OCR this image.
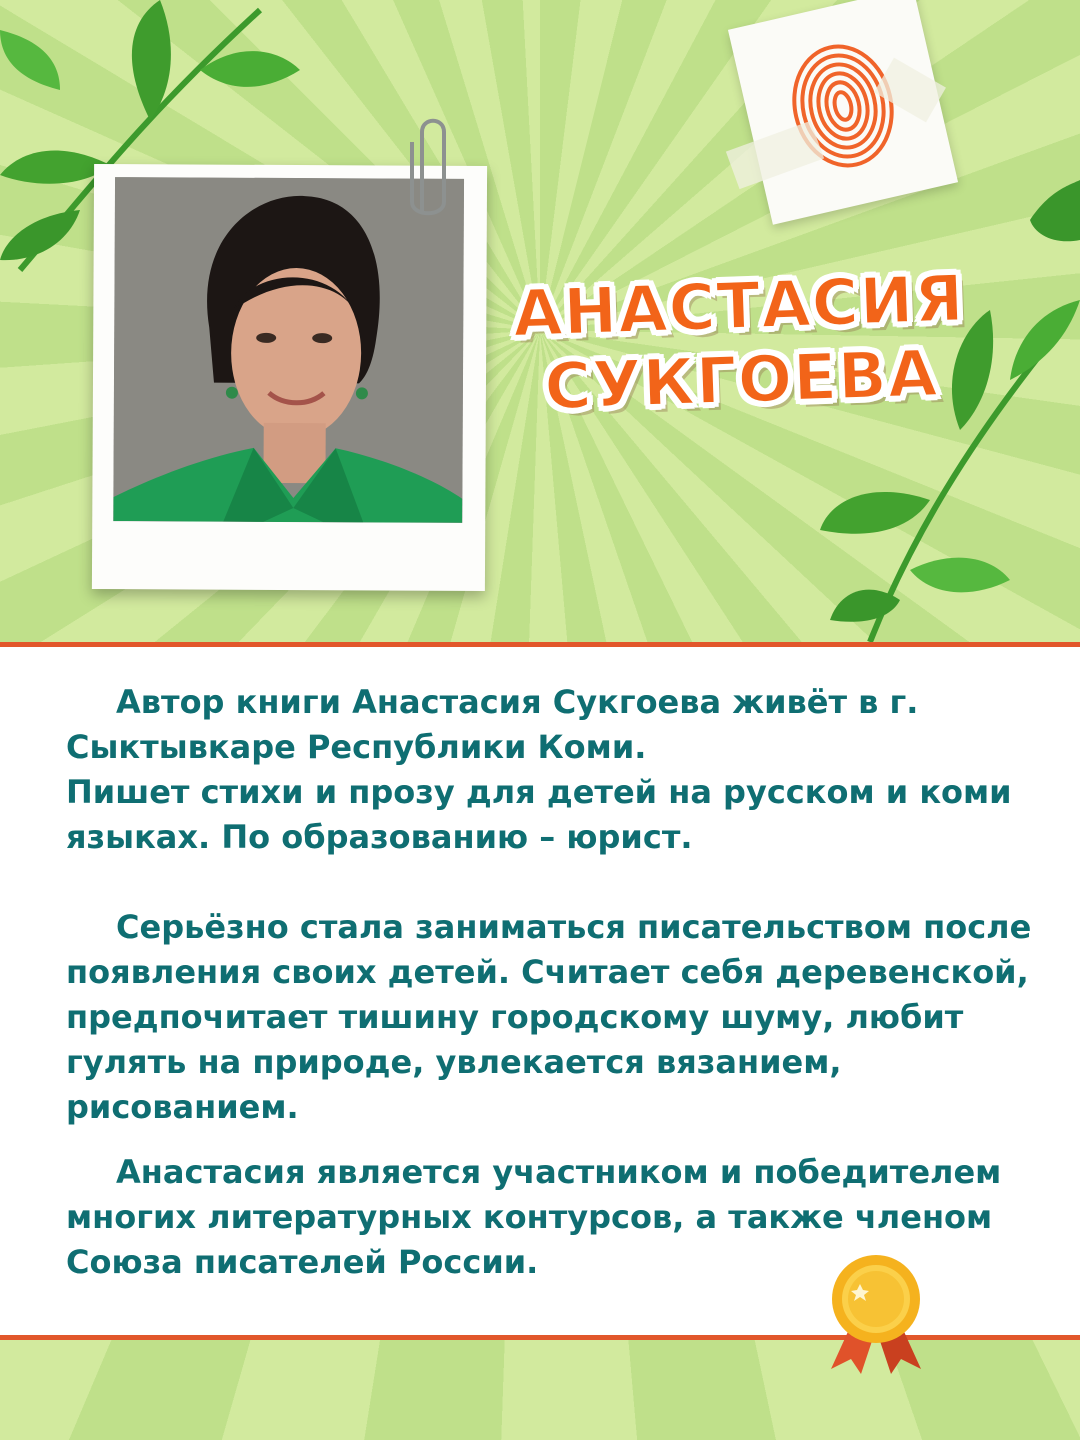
АНАСТАСИЯ
СУКГОЕВА

Автор книги Анастасия Сукгоева живёт в г.

Сыктывкаре Республики Коми.

Пишет стихи и прозу для детей на русском и коми языках. По образованию – юрист.

Серьёзно стала заниматься писательством после появления своих детей. Считает себя деревенской, предпочитает тишину городскому шуму, любит гулять на природе, увлекается вязанием, рисованием.

Анастасия является участником и победителем многих литературных контурсов, а также членом Союза писателей России.
